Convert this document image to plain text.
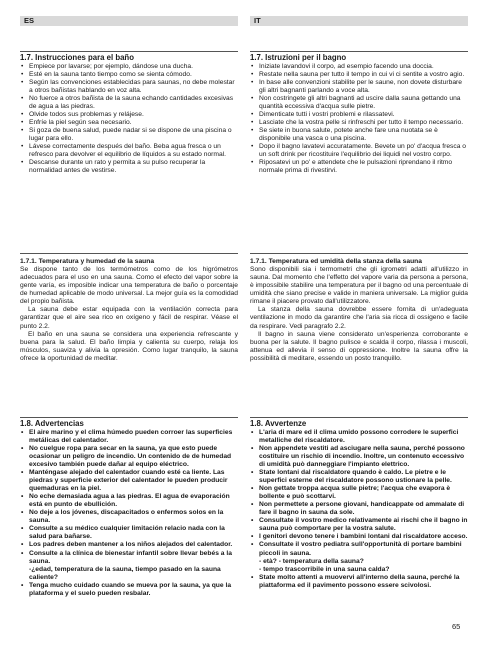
ES
1.7. Instrucciones para el baño
• Empiece por lavarse; por ejemplo, dándose una ducha.
• Esté en la sauna tanto tiempo como se sienta cómodo.
• Según las convenciones establecidas para saunas, no debe molestar a otros bañistas hablando en voz alta.
• No fuerce a otros bañista de la sauna echando cantidades excesivas de agua a las piedras.
• Olvide todos sus problemas y relájese.
• Enfríe la piel según sea necesario.
• Si goza de buena salud, puede nadar si se dispone de una piscina o lugar para ello.
• Lávese correctamente después del baño. Beba agua fresca o un refresco para devolver el equilibrio de líquidos a su estado normal.
• Descanse durante un rato y permita a su pulso recuperar la normalidad antes de vestirse.
1.7.1. Temperatura y humedad de la sauna

Se dispone tanto de los termómetros como de los higrómetros adecuados para el uso en una sauna. Como el efecto del vapor sobre la gente varía, es imposible indicar una temperatura de baño o porcentaje de humedad aplicable de modo universal. La mejor guía es la comodidad del propio bañista.

La sauna debe estar equipada con la ventilación correcta para garantizar que el aire sea rico en oxígeno y fácil de respirar. Véase el punto 2.2.

El baño en una sauna se considera una experiencia refrescante y buena para la salud. El baño limpia y calienta su cuerpo, relaja los músculos, suaviza y alivia la opresión. Como lugar tranquilo, la sauna ofrece la oportunidad de meditar.

1.8. Advertencias
• El aire marino y el clima húmedo pueden corroer las superficies metálicas del calentador.
• No cuelgue ropa para secar en la sauna, ya que esto puede ocasionar un peligro de incendio. Un contenido de de humedad excesivo también puede dañar al equipo eléctrico.
• Manténgase alejado del calentador cuando esté ca liente. Las piedras y superficie exterior del calentador le pueden producir quemaduras en la piel.
• No eche demasiada agua a las piedras. El agua de evaporación está en punto de ebullición.
• No deje a los jóvenes, discapacitados o enfermos solos en la sauna.
• Consulte a su médico cualquier limitación relacio nada con la salud para bañarse.
• Los padres deben mantener a los niños alejados del calentador.
• Consulte a la clínica de bienestar infantil sobre llevar bebés a la sauna.
-¿edad, temperatura de la sauna, tiempo pasado en la sauna caliente?
• Tenga mucho cuidado cuando se mueva por la sauna, ya que la plataforma y el suelo pueden resbalar.
IT
1.7. Istruzioni per il bagno
• Iniziate lavandovi il corpo, ad esempio facendo una doccia.
• Restate nella sauna per tutto il tempo in cui vi ci sentite a vostro agio.
• In base alle convenzioni stabilite per le saune, non dovete disturbare gli altri bagnanti parlando a voce alta.
• Non costringete gli altri bagnanti ad uscire dalla sauna gettando una quantità eccessiva d'acqua sulle pietre.
• Dimenticate tutti i vostri problemi e rilassatevi.
• Lasciate che la vostra pelle si rinfreschi per tutto il tempo necessario.
• Se siete in buona salute, potete anche fare una nuotata se è disponibile una vasca o una piscina.
• Dopo il bagno lavatevi accuratamente. Bevete un po' d'acqua fresca o un soft drink per ricostituire l'equilibrio dei liquidi nel vostro corpo.
• Riposatevi un po' e attendete che le pulsazioni riprendano il ritmo normale prima di rivestirvi.
1.7.1. Temperatura ed umidità della stanza della sauna

Sono disponibili sia i termometri che gli igrometri adatti all'utilizzo in sauna. Dal momento che l'effetto del vapore varia da persona a persona, è impossibile stabilire una temperatura per il bagno od una percentuale di umidità che siano precise e valide in maniera universale. La miglior guida rimane il piacere provato dall'utilizzatore.

La stanza della sauna dovrebbe essere fornita di un'adeguata ventilazione in modo da garantire che l'aria sia ricca di ossigeno e facile da respirare. Vedi paragrafo 2.2.

Il bagno in sauna viene considerato un'esperienza corroborante e buona per la salute. Il bagno pulisce e scalda il corpo, rilassa i muscoli, attenua ed allevia il senso di oppressione. Inoltre la sauna offre la possibilità di meditare, essendo un posto tranquillo.

1.8. Avvertenze
• L'aria di mare ed il clima umido possono corrodere le superfici metalliche del riscaldatore.
• Non appendete vestiti ad asciugare nella sauna, perché possono costituire un rischio di incendio. Inoltre, un contenuto eccessivo di umidità può danneggiare l'impianto elettrico.
• State lontani dal riscaldatore quando è caldo. Le pietre e le superfici esterne del riscaldatore possono ustionare la pelle.
• Non gettate troppa acqua sulle pietre; l'acqua che evapora è bollente e può scottarvi.
• Non permettete a persone giovani, handicappate od ammalate di fare il bagno in sauna da sole.
• Consultate il vostro medico relativamente ai rischi che il bagno in sauna può comportare per la vostra salute.
• I genitori devono tenere i bambini lontani dal riscaldatore acceso.
• Consultate il vostro pediatra sull'opportunità di portare bambini piccoli in sauna.
- età? - temperatura della sauna?
- tempo trascorribile in una sauna calda?
• State molto attenti a muovervi all'interno della sauna, perché la piattaforma ed il pavimento possono essere scivolosi.
65
